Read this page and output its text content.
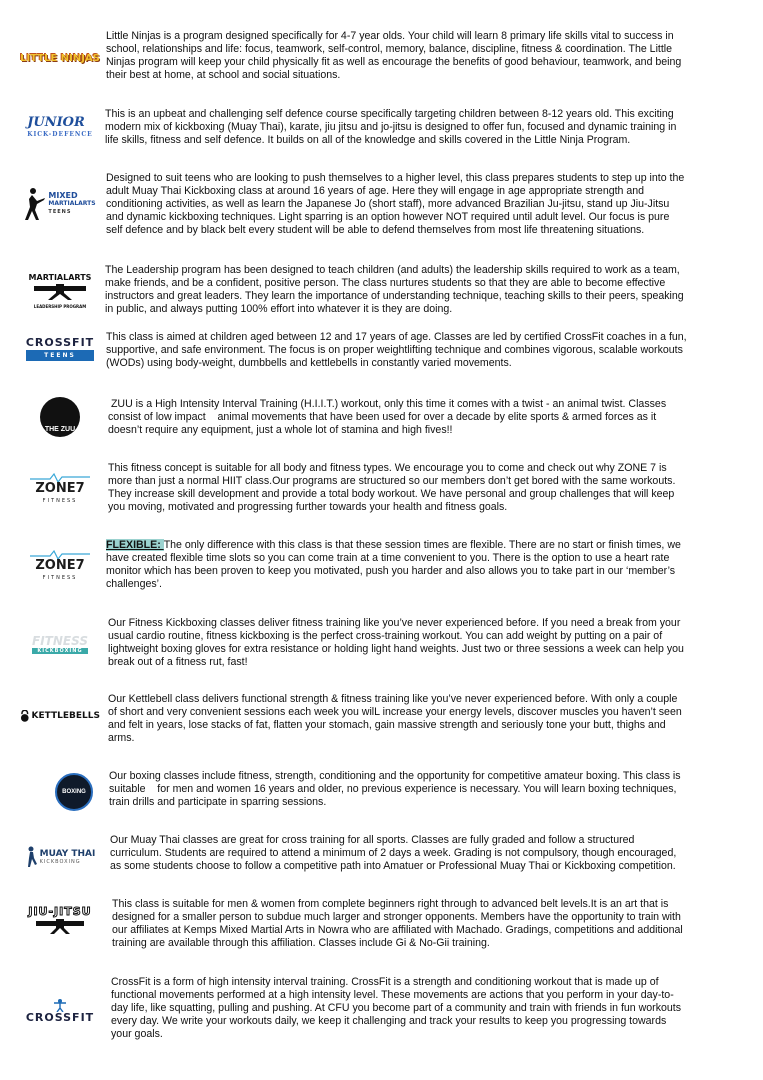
LITTLE NINJAS
Little Ninjas is a program designed specifically for 4-7 year olds. Your child will learn 8 primary life skills vital to success in
school, relationships and life: focus, teamwork, self-control, memory, balance, discipline, fitness & coordination. The Little
Ninjas program will keep your child physically fit as well as encourage the benefits of good behaviour, teamwork, and being
their best at home, at school and social situations.
JUNIOR
KICK-DEFENCE
This is an upbeat and challenging self defence course specifically targeting children between 8-12 years old. This exciting
modern mix of kickboxing (Muay Thai), karate, jiu jitsu and jo-jitsu is designed to offer fun, focused and dynamic training in
life skills, fitness and self defence. It builds on all of the knowledge and skills covered in the Little Ninja Program.
MIXED
MARTIALARTS
TEENS
Designed to suit teens who are looking to push themselves to a higher level, this class prepares students to step up into the
adult Muay Thai Kickboxing class at around 16 years of age. Here they will engage in age appropriate strength and
conditioning activities, as well as learn the Japanese Jo (short staff), more advanced Brazilian Ju-jitsu, stand up Jiu-Jitsu
and dynamic kickboxing techniques. Light sparring is an option however NOT required until adult level. Our focus is pure
self defence and by black belt every student will be able to defend themselves from most life threatening situations.
MARTIALARTS
LEADERSHIP PROGRAM
The Leadership program has been designed to teach children (and adults) the leadership skills required to work as a team,
make friends, and be a confident, positive person. The class nurtures students so that they are able to become effective
instructors and great leaders. They learn the importance of understanding technique, teaching skills to their peers, speaking
in public, and always putting 100% effort into whatever it is they are doing.
CROSSFIT
TEENS
This class is aimed at children aged between 12 and 17 years of age. Classes are led by certified CrossFit coaches in a fun,
supportive, and safe environment. The focus is on proper weightlifting technique and combines vigorous, scalable workouts
(WODs) using body-weight, dumbbells and kettlebells in constantly varied movements.
THE ZUU
ZUU is a High Intensity Interval Training (H.I.I.T.) workout, only this time it comes with a twist - an animal twist. Classes
consist of low impact    animal movements that have been used for over a decade by elite sports & armed forces as it
doesn’t require any equipment, just a whole lot of stamina and high fives!!
ZONE7
FITNESS
This fitness concept is suitable for all body and fitness types. We encourage you to come and check out why ZONE 7 is
more than just a normal HIIT class.Our programs are structured so our members don’t get bored with the same workouts.
They increase skill development and provide a total body workout. We have personal and group challenges that will keep
you moving, motivated and progressing further towards your health and fitness goals.
ZONE7
FITNESS
FLEXIBLE: The only difference with this class is that these session times are flexible. There are no start or finish times, we
have created flexible time slots so you can come train at a time convenient to you. There is the option to use a heart rate
monitor which has been proven to keep you motivated, push you harder and also allows you to take part in our ‘member’s
challenges’.
FITNESS
KICKBOXING
Our Fitness Kickboxing classes deliver fitness training like you’ve never experienced before. If you need a break from your
usual cardio routine, fitness kickboxing is the perfect cross-training workout. You can add weight by putting on a pair of
lightweight boxing gloves for extra resistance or holding light hand weights. Just two or three sessions a week can help you
break out of a fitness rut, fast!
KETTLEBELLS
Our Kettlebell class delivers functional strength & fitness training like you’ve never experienced before. With only a couple
of short and very convenient sessions each week you wilL increase your energy levels, discover muscles you haven’t seen
and felt in years, lose stacks of fat, flatten your stomach, gain massive strength and seriously tone your butt, thighs and
arms.
BOXING
Our boxing classes include fitness, strength, conditioning and the opportunity for competitive amateur boxing. This class is
suitable    for men and women 16 years and older, no previous experience is necessary. You will learn boxing techniques,
train drills and participate in sparring sessions.
MUAY THAI
KICKBOXING
Our Muay Thai classes are great for cross training for all sports. Classes are fully graded and follow a structured
curriculum. Students are required to attend a minimum of 2 days a week. Grading is not compulsory, though encouraged,
as some students choose to follow a competitive path into Amatuer or Professional Muay Thai or Kickboxing competition.
JIU-JITSU
This class is suitable for men & women from complete beginners right through to advanced belt levels.It is an art that is
designed for a smaller person to subdue much larger and stronger opponents. Members have the opportunity to train with
our affiliates at Kemps Mixed Martial Arts in Nowra who are affiliated with Machado. Gradings, competitions and additional
training are available through this affiliation. Classes include Gi & No-Gii training.
CROSSFIT
CrossFit is a form of high intensity interval training. CrossFit is a strength and conditioning workout that is made up of
functional movements performed at a high intensity level. These movements are actions that you perform in your day-to-
day life, like squatting, pulling and pushing. At CFU you become part of a community and train with friends in fun workouts
every day. We write your workouts daily, we keep it challenging and track your results to keep you progressing towards
your goals.
